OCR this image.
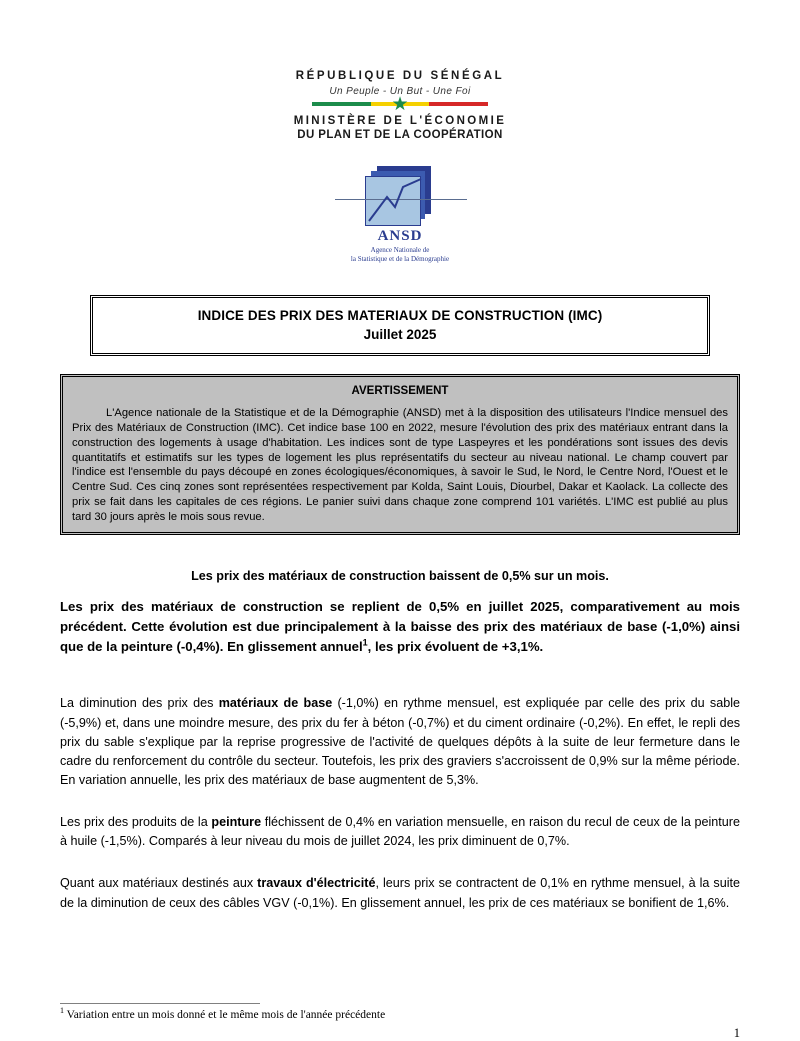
RÉPUBLIQUE DU SÉNÉGAL
Un Peuple - Un But - Une Foi
★
MINISTÈRE DE L'ÉCONOMIE
DU PLAN ET DE LA COOPÉRATION
ANSD
Agence Nationale de
la Statistique et de la Démographie
INDICE DES PRIX DES MATERIAUX DE CONSTRUCTION (IMC)
Juillet 2025
AVERTISSEMENT
L'Agence nationale de la Statistique et de la Démographie (ANSD) met à la disposition des utilisateurs l'Indice mensuel des Prix des Matériaux de Construction (IMC). Cet indice base 100 en 2022, mesure l'évolution des prix des matériaux entrant dans la construction des logements à usage d'habitation. Les indices sont de type Laspeyres et les pondérations sont issues des devis quantitatifs et estimatifs sur les types de logement les plus représentatifs du secteur au niveau national. Le champ couvert par l'indice est l'ensemble du pays découpé en zones écologiques/économiques, à savoir le Sud, le Nord, le Centre Nord, l'Ouest et le Centre Sud. Ces cinq zones sont représentées respectivement par Kolda, Saint Louis, Diourbel, Dakar et Kaolack. La collecte des prix se fait dans les capitales de ces régions. Le panier suivi dans chaque zone comprend 101 variétés. L'IMC est publié au plus tard 30 jours après le mois sous revue.
Les prix des matériaux de construction baissent de 0,5% sur un mois.
Les prix des matériaux de construction se replient de 0,5% en juillet 2025, comparativement au mois précédent. Cette évolution est due principalement à la baisse des prix des matériaux de base (-1,0%) ainsi que de la peinture (-0,4%). En glissement annuel$^1$, les prix évoluent de +3,1%.
La diminution des prix des matériaux de base (-1,0%) en rythme mensuel, est expliquée par celle des prix du sable (-5,9%) et, dans une moindre mesure, des prix du fer à béton (-0,7%) et du ciment ordinaire (-0,2%). En effet, le repli des prix du sable s'explique par la reprise progressive de l'activité de quelques dépôts à la suite de leur fermeture dans le cadre du renforcement du contrôle du secteur. Toutefois, les prix des graviers s'accroissent de 0,9% sur la même période. En variation annuelle, les prix des matériaux de base augmentent de 5,3%.
Les prix des produits de la peinture fléchissent de 0,4% en variation mensuelle, en raison du recul de ceux de la peinture à huile (-1,5%). Comparés à leur niveau du mois de juillet 2024, les prix diminuent de 0,7%.
Quant aux matériaux destinés aux travaux d'électricité, leurs prix se contractent de 0,1% en rythme mensuel, à la suite de la diminution de ceux des câbles VGV (-0,1%). En glissement annuel, les prix de ces matériaux se bonifient de 1,6%.
$^1$ Variation entre un mois donné et le même mois de l'année précédente
1
